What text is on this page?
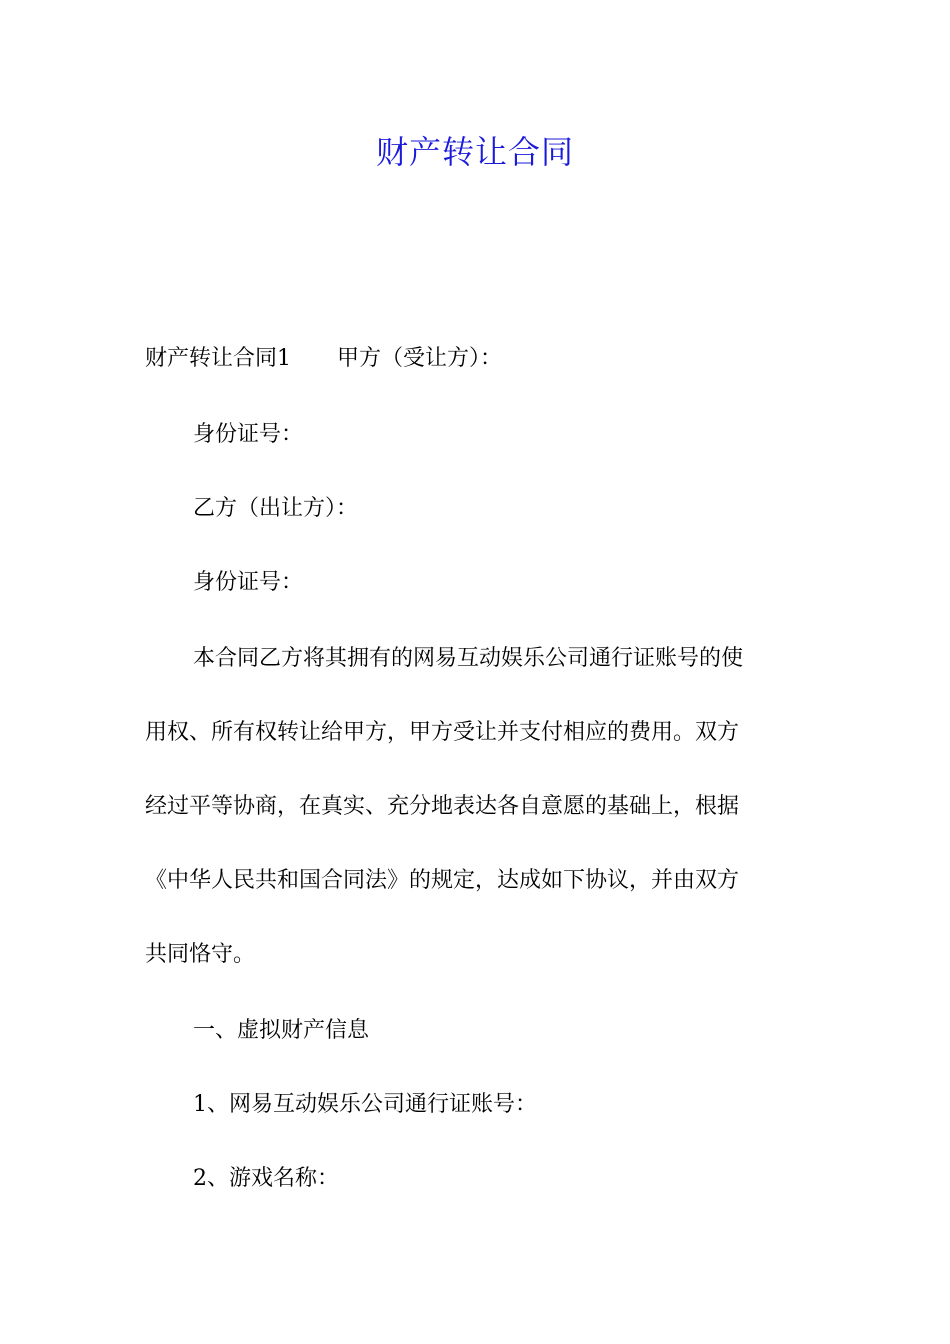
财产转让合同
财产转让合同1 甲方（受让方）：
身份证号：
乙方（出让方）：
身份证号：
本合同乙方将其拥有的网易互动娱乐公司通行证账号的使
用权、所有权转让给甲方，甲方受让并支付相应的费用。双方
经过平等协商，在真实、充分地表达各自意愿的基础上，根据
《中华人民共和国合同法》的规定，达成如下协议，并由双方
共同恪守。
一、虚拟财产信息
1、网易互动娱乐公司通行证账号：
2、游戏名称：
